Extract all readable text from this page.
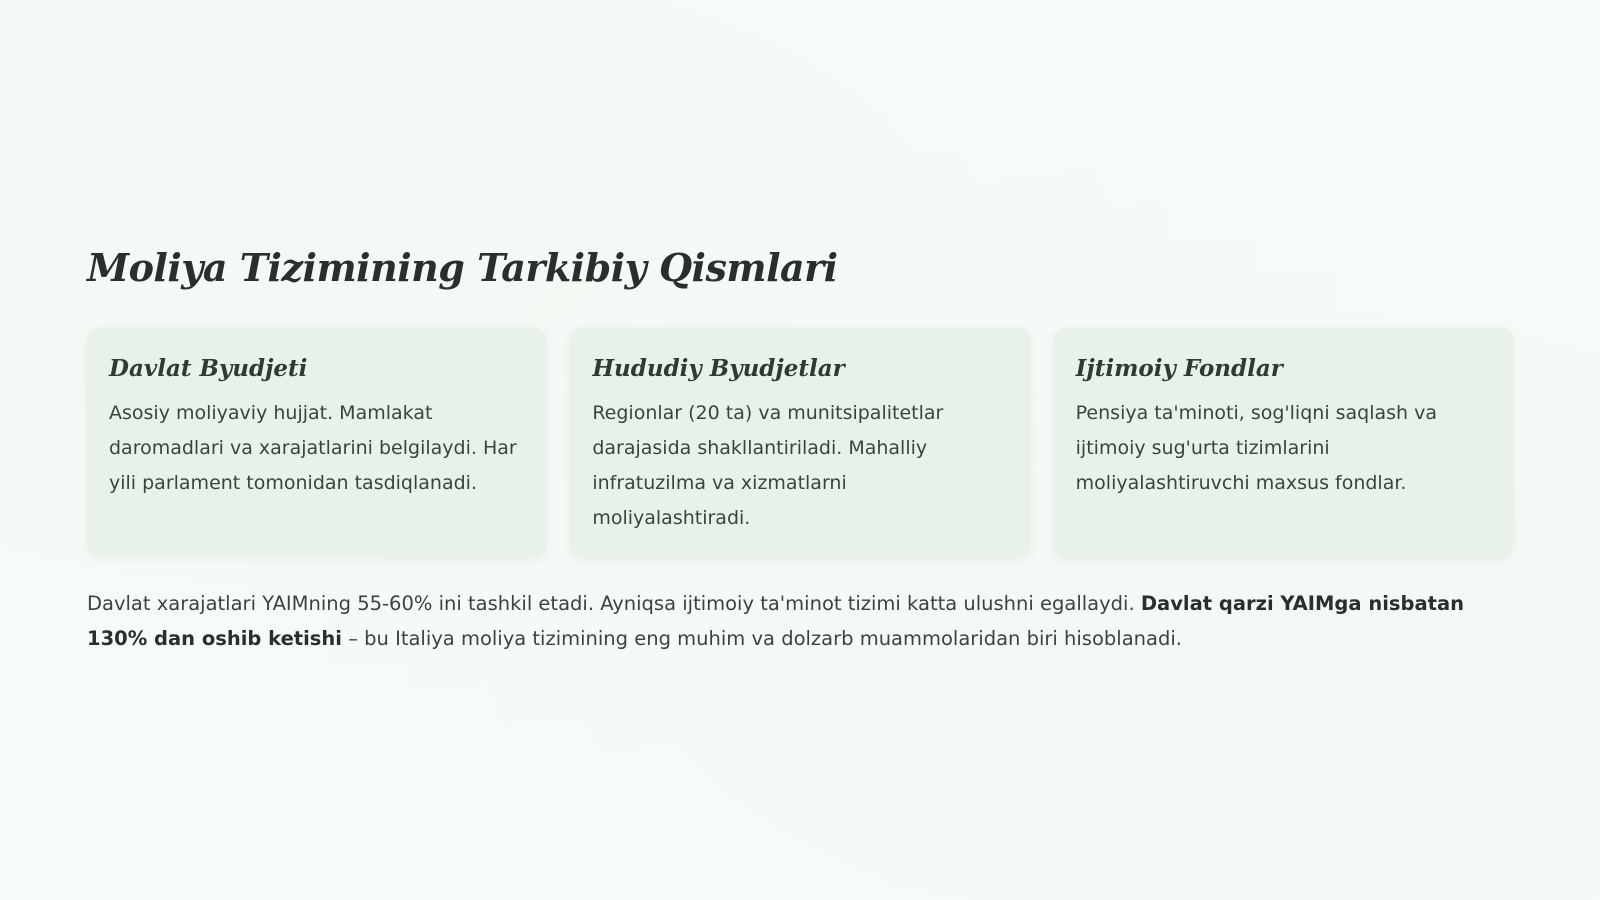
Moliya Tizimining Tarkibiy Qismlari
Davlat Byudjeti

Asosiy moliyaviy hujjat. Mamlakat daromadlari va xarajatlarini belgilaydi. Har yili parlament tomonidan tasdiqlanadi.

Hududiy Byudjetlar

Regionlar (20 ta) va munitsipalitetlar darajasida shakllantiriladi. Mahalliy infratuzilma va xizmatlarni moliyalashtiradi.

Ijtimoiy Fondlar

Pensiya ta'minoti, sog'liqni saqlash va ijtimoiy sug'urta tizimlarini moliyalashtiruvchi maxsus fondlar.

Davlat xarajatlari YAIMning 55-60% ini tashkil etadi. Ayniqsa ijtimoiy ta'minot tizimi katta ulushni egallaydi. Davlat qarzi YAIMga nisbatan 130% dan oshib ketishi – bu Italiya moliya tizimining eng muhim va dolzarb muammolaridan biri hisoblanadi.
